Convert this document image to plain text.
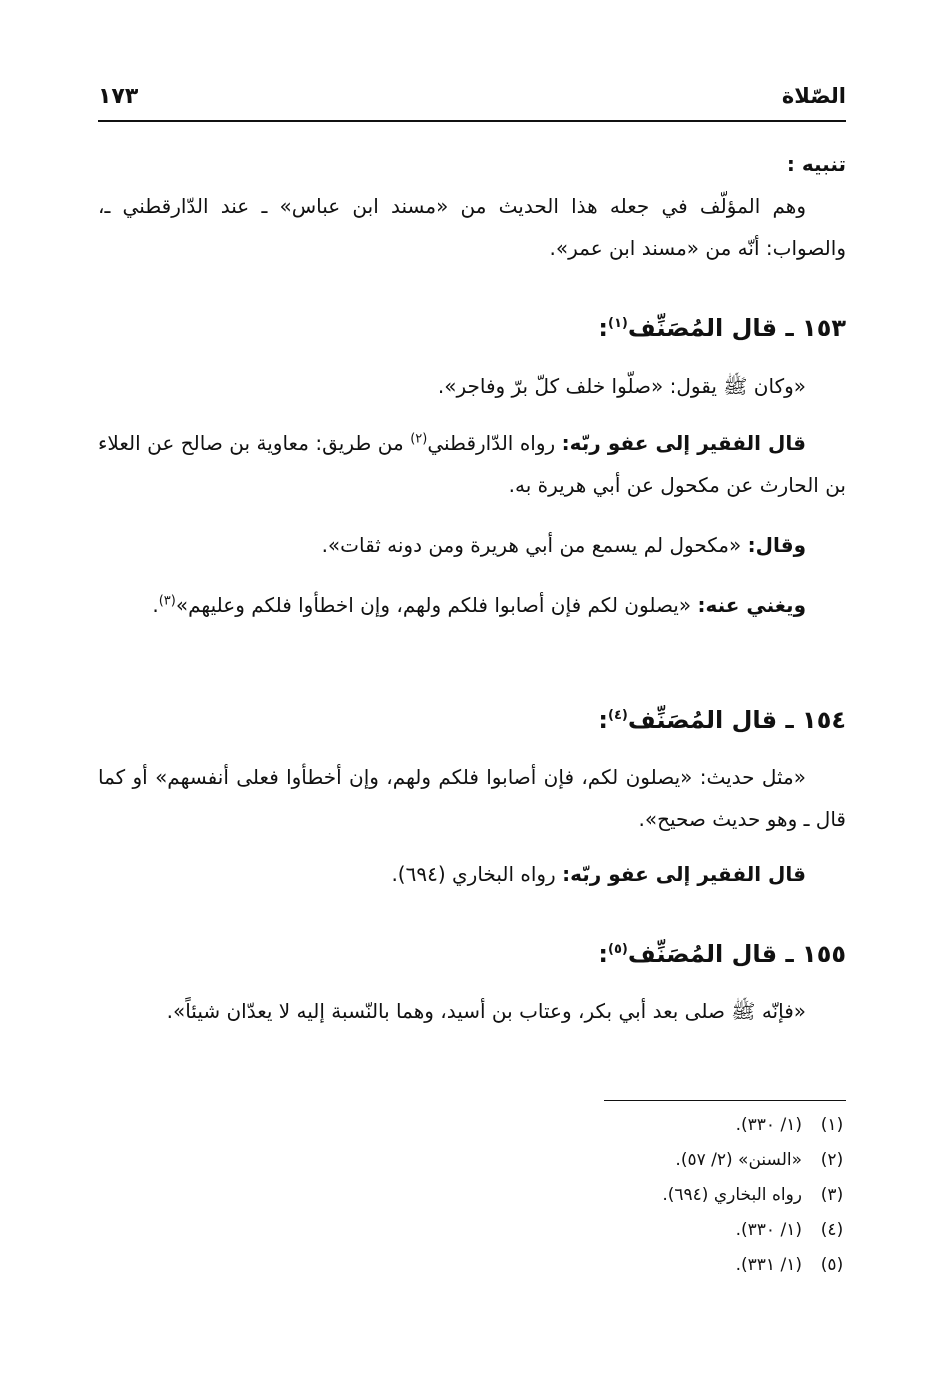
الصّلاة
١٧٣

تنبيه :

وهم المؤلّف في جعله هذا الحديث من «مسند ابن عباس» ـ عند الدّارقطني ـ، والصواب: أنّه من «مسند ابن عمر».

١٥٣ ـ قال المُصَنِّف$^{(١)}$:

«وكان ﷺ يقول: «صلّوا خلف كلّ برّ وفاجر».

قال الفقير إلى عفو ربّه: رواه الدّارقطني$^{(٢)}$ من طريق: معاوية بن صالح عن العلاء بن الحارث عن مكحول عن أبي هريرة به.

وقال: «مكحول لم يسمع من أبي هريرة ومن دونه ثقات».

ويغني عنه: «يصلون لكم فإن أصابوا فلكم ولهم، وإن اخطأوا فلكم وعليهم»$^{(٣)}$.

١٥٤ ـ قال المُصَنِّف$^{(٤)}$:

«مثل حديث: «يصلون لكم، فإن أصابوا فلكم ولهم، وإن أخطأوا فعلى أنفسهم» أو كما قال ـ وهو حديث صحيح».

قال الفقير إلى عفو ربّه: رواه البخاري (٦٩٤).

١٥٥ ـ قال المُصَنِّف$^{(٥)}$:

«فإنّه ﷺ صلى بعد أبي بكر، وعتاب بن أسيد، وهما بالنّسبة إليه لا يعدّان شيئاً».

(١)
(١/ ٣٣٠).
(٢)
«السنن» (٢/ ٥٧).
(٣)
رواه البخاري (٦٩٤).
(٤)
(١/ ٣٣٠).
(٥)
(١/ ٣٣١).
